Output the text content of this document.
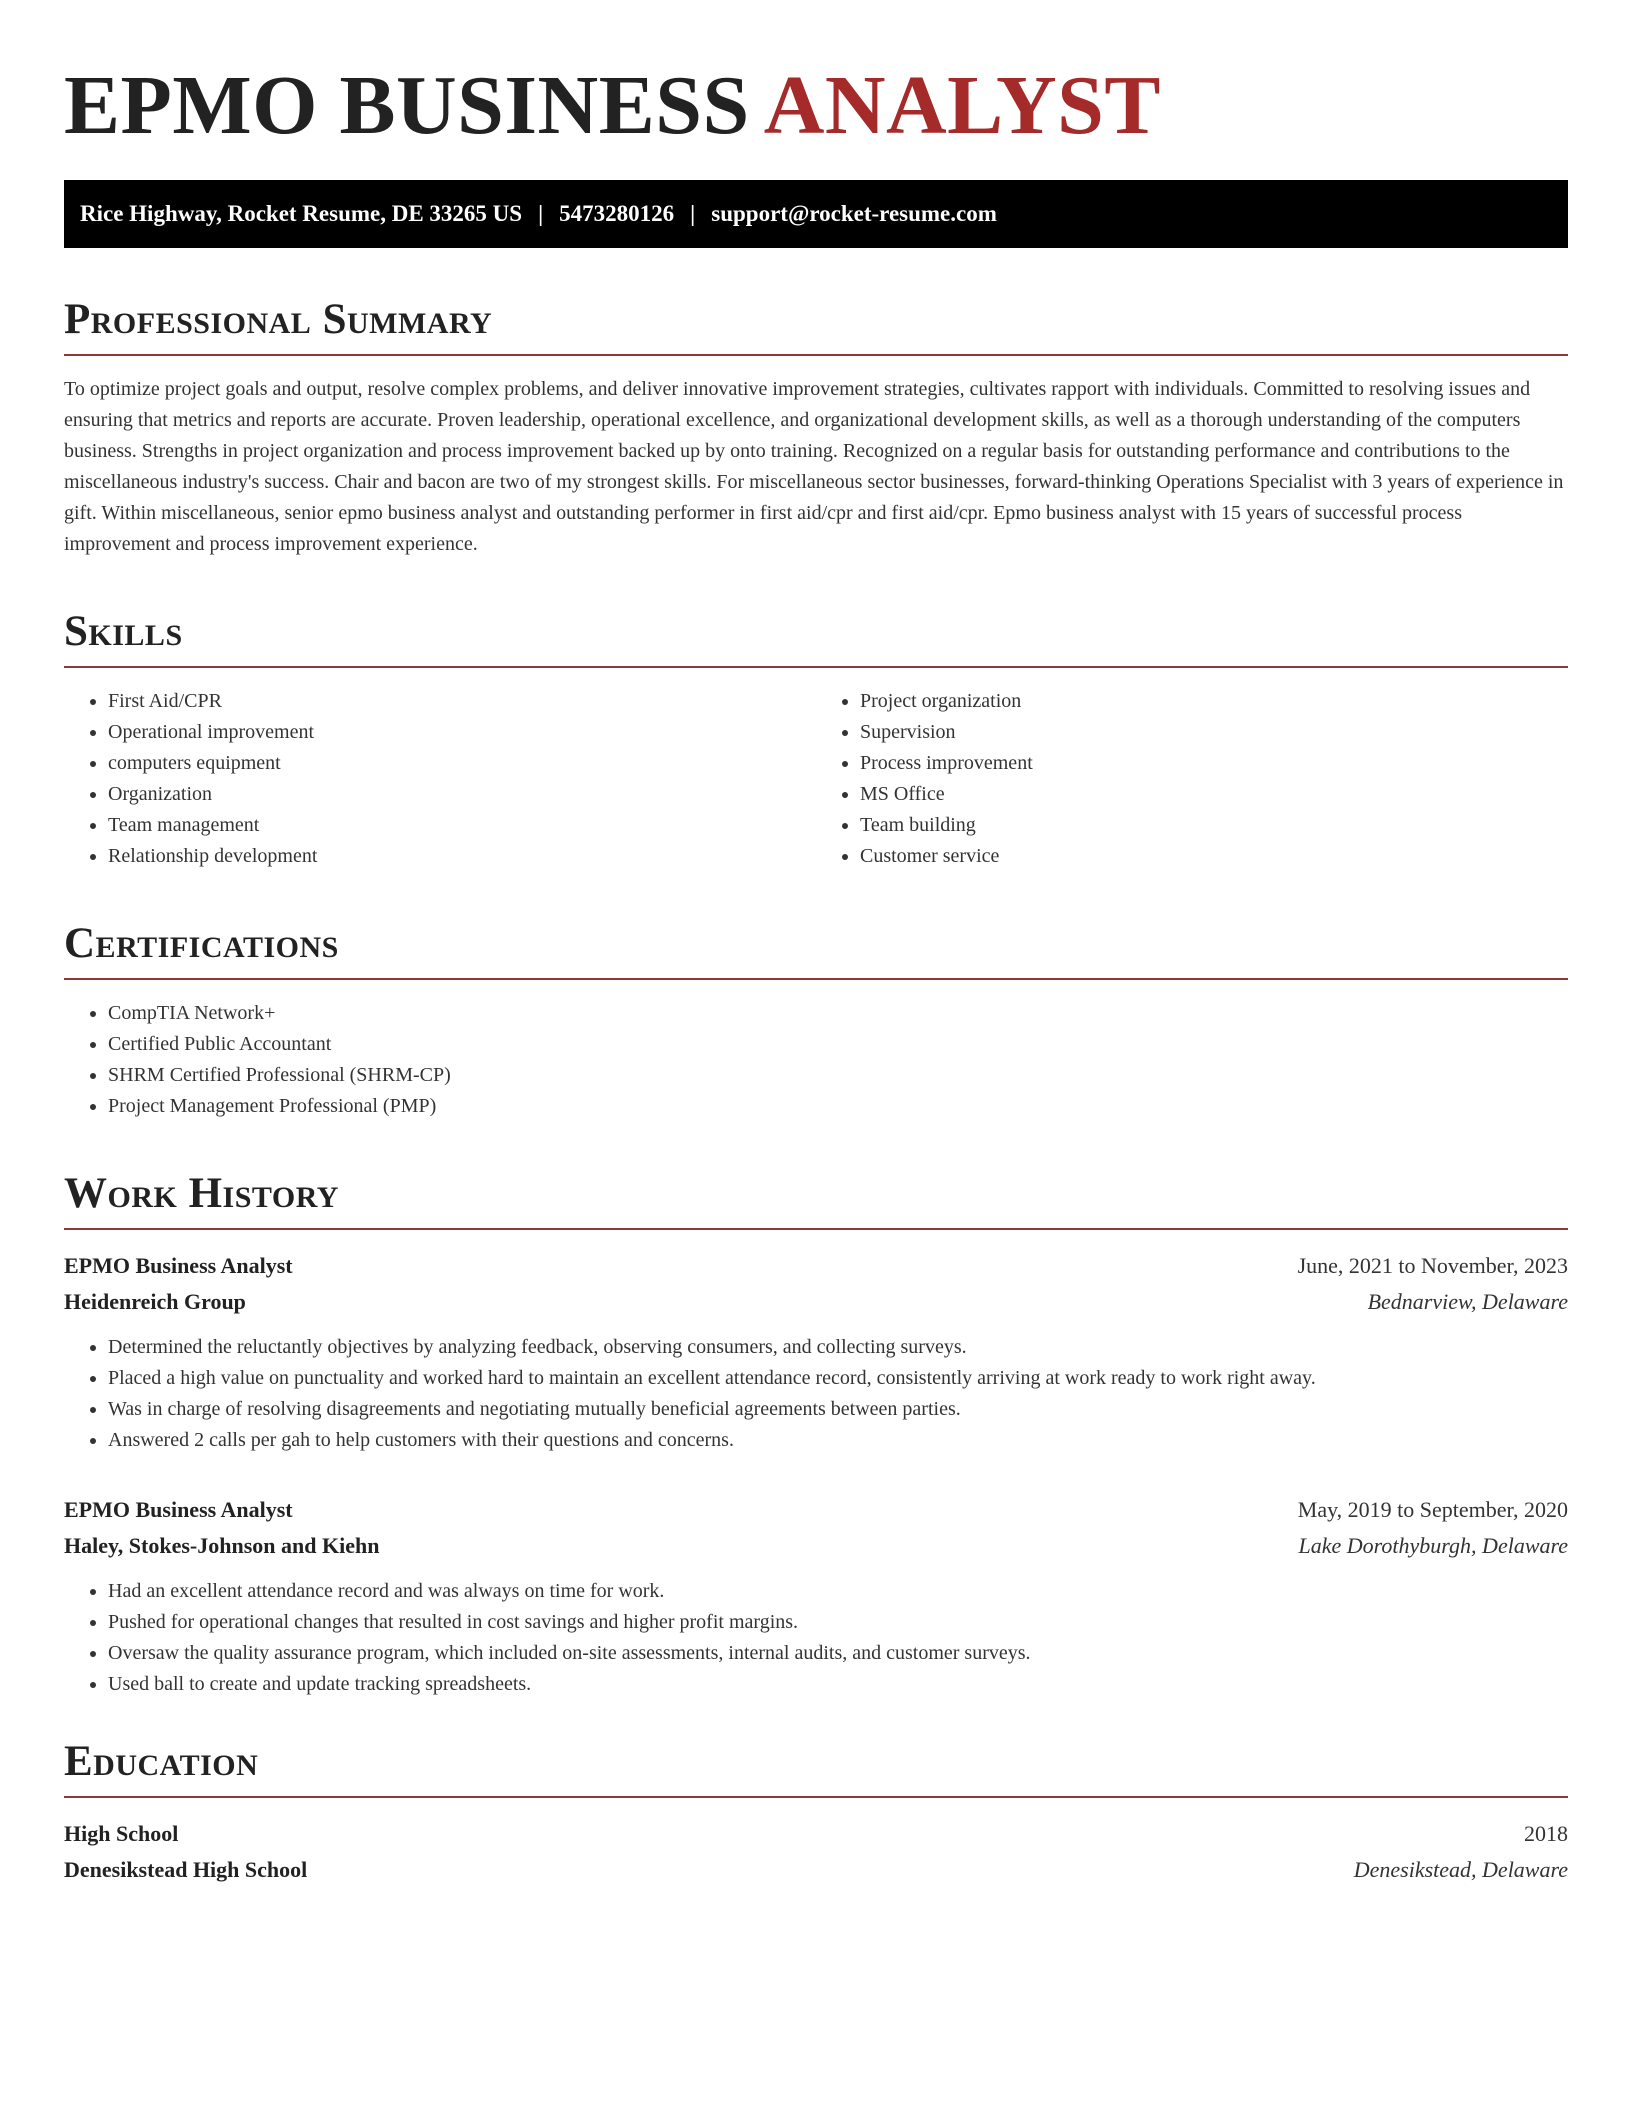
EPMO BUSINESS ANALYST
Rice Highway, Rocket Resume, DE 33265 US | 5473280126 | support@rocket-resume.com
Professional Summary

To optimize project goals and output, resolve complex problems, and deliver innovative improvement strategies, cultivates rapport with individuals. Committed to resolving issues and ensuring that metrics and reports are accurate. Proven leadership, operational excellence, and organizational development skills, as well as a thorough understanding of the computers business. Strengths in project organization and process improvement backed up by onto training. Recognized on a regular basis for outstanding performance and contributions to the miscellaneous industry's success. Chair and bacon are two of my strongest skills. For miscellaneous sector businesses, forward-thinking Operations Specialist with 3 years of experience in gift. Within miscellaneous, senior epmo business analyst and outstanding performer in first aid/cpr and first aid/cpr. Epmo business analyst with 15 years of successful process improvement and process improvement experience.

Skills
• First Aid/CPR
• Operational improvement
• computers equipment
• Organization
• Team management
• Relationship development
• Project organization
• Supervision
• Process improvement
• MS Office
• Team building
• Customer service
Certifications
• CompTIA Network+
• Certified Public Accountant
• SHRM Certified Professional (SHRM-CP)
• Project Management Professional (PMP)
Work History
EPMO Business Analyst	June, 2021 to November, 2023
Heidenreich Group	Bednarview, Delaware
• Determined the reluctantly objectives by analyzing feedback, observing consumers, and collecting surveys.
• Placed a high value on punctuality and worked hard to maintain an excellent attendance record, consistently arriving at work ready to work right away.
• Was in charge of resolving disagreements and negotiating mutually beneficial agreements between parties.
• Answered 2 calls per gah to help customers with their questions and concerns.
EPMO Business Analyst	May, 2019 to September, 2020
Haley, Stokes-Johnson and Kiehn	Lake Dorothyburgh, Delaware
• Had an excellent attendance record and was always on time for work.
• Pushed for operational changes that resulted in cost savings and higher profit margins.
• Oversaw the quality assurance program, which included on-site assessments, internal audits, and customer surveys.
• Used ball to create and update tracking spreadsheets.
Education
High School	2018
Denesikstead High School	Denesikstead, Delaware
